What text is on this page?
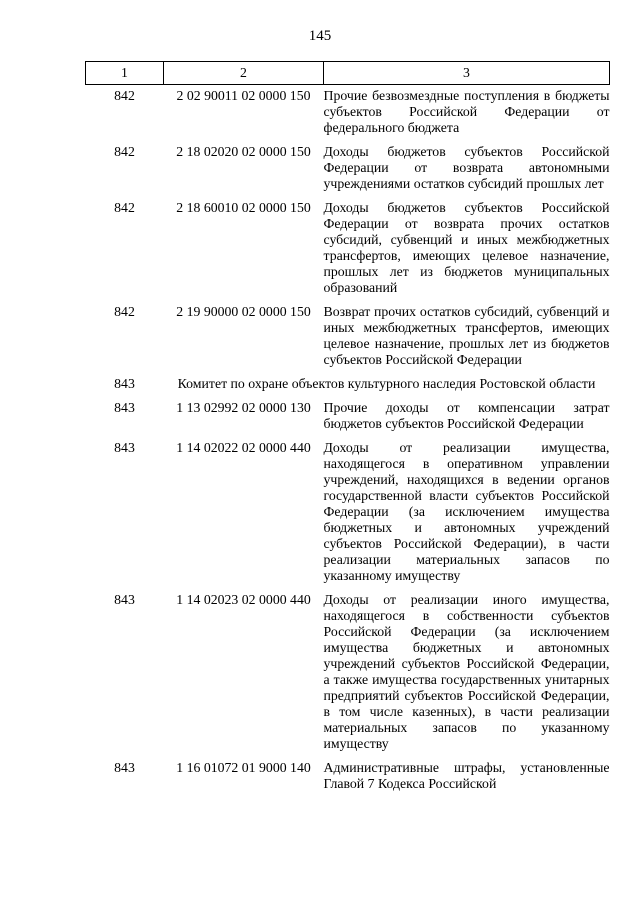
145
1	2	3
842	2 02 90011 02 0000 150	Прочие безвозмездные поступления в бюджеты субъектов Российской Федерации от федерального бюджета
842	2 18 02020 02 0000 150	Доходы бюджетов субъектов Российской Федерации от возврата автономными учреждениями остатков субсидий прошлых лет
842	2 18 60010 02 0000 150	Доходы бюджетов субъектов Российской Федерации от возврата прочих остатков субсидий, субвенций и иных межбюджетных трансфертов, имеющих целевое назначение, прошлых лет из бюджетов муниципальных образований
842	2 19 90000 02 0000 150	Возврат прочих остатков субсидий, субвенций и иных межбюджетных трансфертов, имеющих целевое назначение, прошлых лет из бюджетов субъектов Российской Федерации
843	Комитет по охране объектов культурного наследия Ростовской области	
843	1 13 02992 02 0000 130	Прочие доходы от компенсации затрат бюджетов субъектов Российской Федерации
843	1 14 02022 02 0000 440	Доходы от реализации имущества, находящегося в оперативном управлении учреждений, находящихся в ведении органов государственной власти субъектов Российской Федерации (за исключением имущества бюджетных и автономных учреждений субъектов Российской Федерации), в части реализации материальных запасов по указанному имуществу
843	1 14 02023 02 0000 440	Доходы от реализации иного имущества, находящегося в собственности субъектов Российской Федерации (за исключением имущества бюджетных и автономных учреждений субъектов Российской Федерации, а также имущества государственных унитарных предприятий субъектов Российской Федерации, в том числе казенных), в части реализации материальных запасов по указанному имуществу
843	1 16 01072 01 9000 140	Административные штрафы, установленные Главой 7 Кодекса Российской
